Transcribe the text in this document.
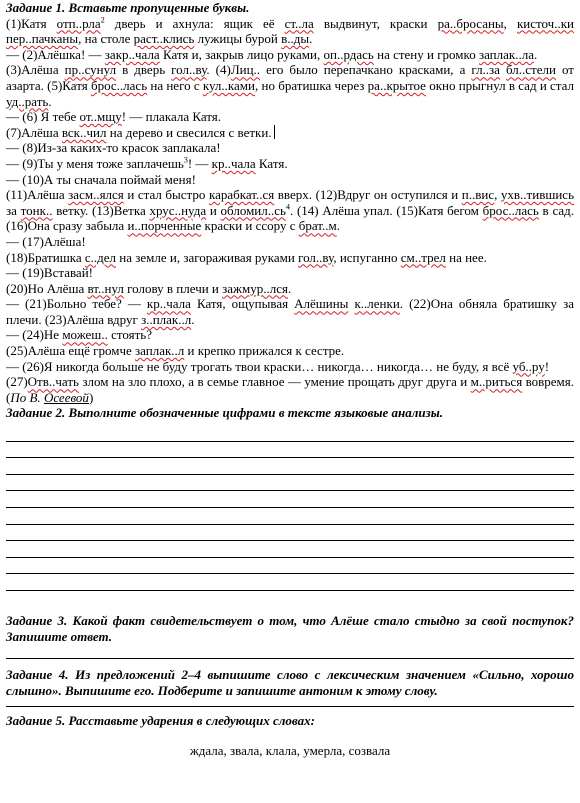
Задание 1. Вставьте пропущенные буквы.

(1)Катя отп..рла$^2$ дверь и ахнула: ящик её ст..ла выдвинут, краски ра..бросаны, кисточ..ки пер..пачканы, на столе раст..клись лужицы бурой в..ды.

— (2)Алёшка! — закр..чала Катя и, закрыв лицо руками, оп..рдась на стену и громко заплак..ла.

(3)Алёша пр..сунул в дверь гол..ву. (4)Лиц.. его было перепачкано красками, а гл..за бл..стели от азарта. (5)Катя брос..лась на него с кул..ками, но братишка через ра..крытое окно прыгнул в сад и стал уд..рать.

— (6) Я тебе от..мщу! — плакала Катя.

(7)Алёша вск..чил на дерево и свесился с ветки.

— (8)Из-за каких-то красок заплакала!

— (9)Ты у меня тоже заплачешь$^3$! — кр..чала Катя.

— (10)А ты сначала поймай меня!

(11)Алёша засм..ялся и стал быстро карабкат..ся вверх. (12)Вдруг он оступился и п..вис, ухв..тившись за тонк.. ветку. (13)Ветка хрус..нуда и $обломил..сь^4$. (14) Алёша упал. (15)Катя бегом брос..лась в сад. (16)Она сразу забыла и..порченные краски и ссору с брат..м.

— (17)Алёша!

(18)Братишка с..дел на земле и, загораживая руками гол..ву, испуганно см..трел на нее.

— (19)Вставай!

(20)Но Алёша вт..нул голову в плечи и зажмур..лся.

— (21)Больно тебе? — кр..чала Катя, ощупывая Алёшины к..ленки. (22)Она обняла братишку за плечи. (23)Алёша вдруг з..плак..л.

— (24)Не можеш.. стоять?

(25)Алёша ещё громче заплак..л и крепко прижался к сестре.

— (26)Я никогда больше не буду трогать твои краски… никогда… никогда… не буду, я всё уб..ру!

(27)Отв..чать злом на зло плохо, а в семье главное — умение прощать друг друга и м..риться вовремя. (По В. Осеевой)

Задание 2. Выполните обозначенные цифрами в тексте языковые анализы.

Задание 3. Какой факт свидетельствует о том, что Алёше стало стыдно за свой поступок? Запишите ответ.

Задание 4. Из предложений 2–4 выпишите слово с лексическим значением «Сильно, хорошо слышно». Выпишите его. Подберите и запишите антоним к этому слову.

Задание 5. Расставьте ударения в следующих словах:

ждала, звала, клала, умерла, созвала
